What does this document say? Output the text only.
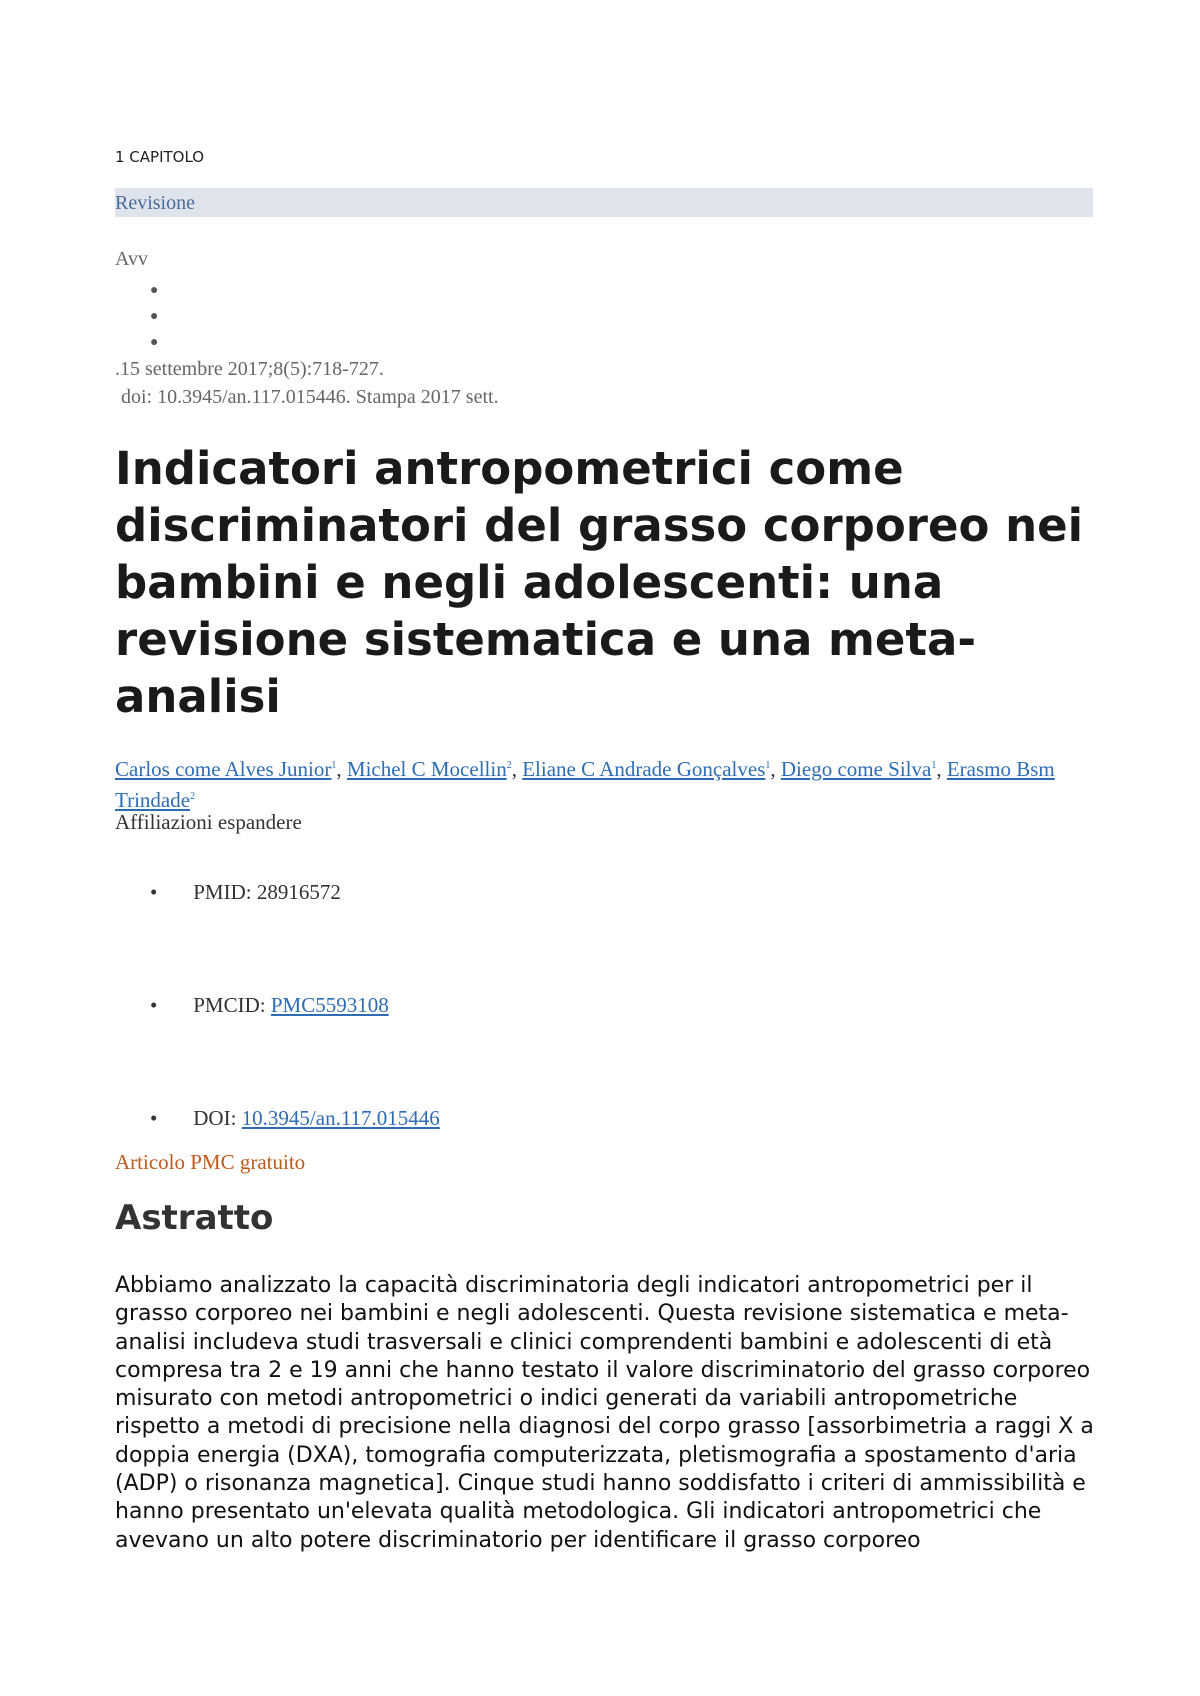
1 CAPITOLO
Revisione
Avv
●
●
●
.15 settembre 2017;8(5):718-727.
doi: 10.3945/an.117.015446. Stampa 2017 sett.
Indicatori antropometrici come discriminatori del grasso corporeo nei bambini e negli adolescenti: una revisione sistematica e una meta-analisi
Carlos come Alves Junior$^1$, Michel C Mocellin$^2$, Eliane C Andrade Gonçalves$^1$, Diego come Silva$^1$, Erasmo Bsm Trindade$^2$
Affiliazioni espandere
• PMID: 28916572
• PMCID: PMC5593108
• DOI: 10.3945/an.117.015446
Articolo PMC gratuito
Astratto

Abbiamo analizzato la capacità discriminatoria degli indicatori antropometrici per il grasso corporeo nei bambini e negli adolescenti. Questa revisione sistematica e meta-analisi includeva studi trasversali e clinici comprendenti bambini e adolescenti di età compresa tra 2 e 19 anni che hanno testato il valore discriminatorio del grasso corporeo misurato con metodi antropometrici o indici generati da variabili antropometriche rispetto a metodi di precisione nella diagnosi del corpo grasso [assorbimetria a raggi X a doppia energia (DXA), tomografia computerizzata, pletismografia a spostamento d'aria (ADP) o risonanza magnetica]. Cinque studi hanno soddisfatto i criteri di ammissibilità e hanno presentato un'elevata qualità metodologica. Gli indicatori antropometrici che avevano un alto potere discriminatorio per identificare il grasso corporeo
